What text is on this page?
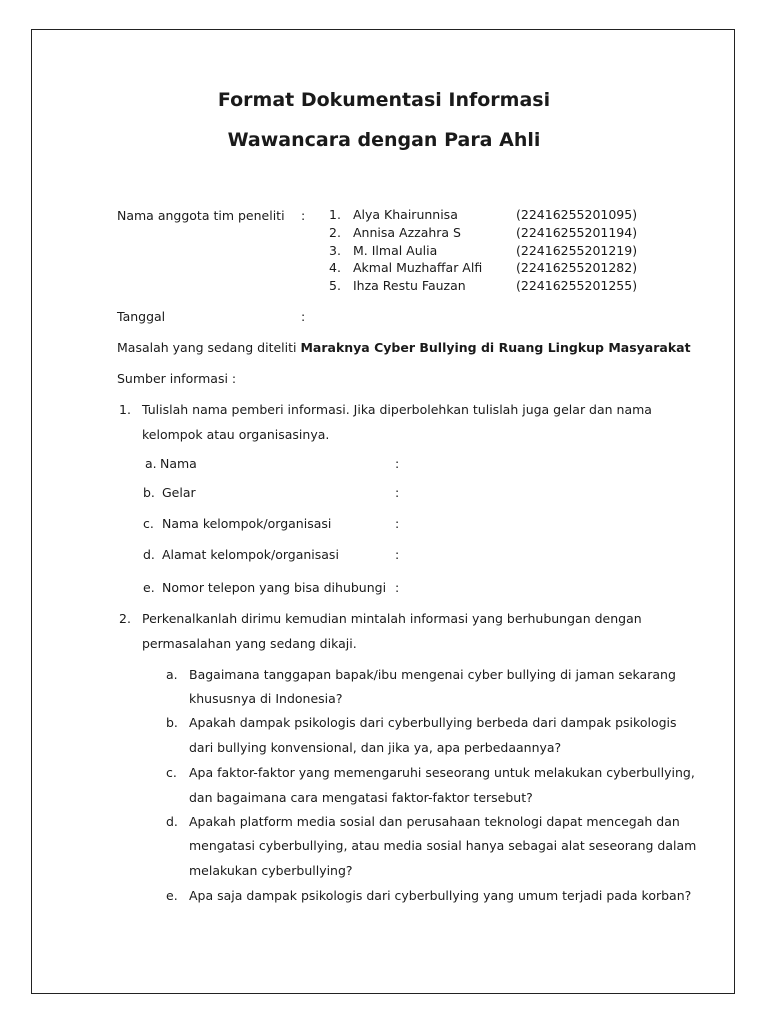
Format Dokumentasi Informasi
Wawancara dengan Para Ahli
Nama anggota tim peneliti : 1. Alya Khairunnisa	(22416255201095)
2. Annisa Azzahra S	(22416255201194)
3. M. Ilmal Aulia	(22416255201219)
4. Akmal Muzhaffar Alfi	(22416255201282)
5. Ihza Restu Fauzan	(22416255201255)
Tanggal	:
Masalah yang sedang diteliti Maraknya Cyber Bullying di Ruang Lingkup Masyarakat
Sumber informasi :
1. Tulislah nama pemberi informasi. Jika diperbolehkan tulislah juga gelar dan nama
kelompok atau organisasinya.
a. Nama	:
b. Gelar	:
c. Nama kelompok/organisasi	:
d. Alamat kelompok/organisasi	:
e. Nomor telepon yang bisa dihubungi :
2. Perkenalkanlah dirimu kemudian mintalah informasi yang berhubungan dengan
permasalahan yang sedang dikaji.
a. Bagaimana tanggapan bapak/ibu mengenai cyber bullying di jaman sekarang
khususnya di Indonesia?
b. Apakah dampak psikologis dari cyberbullying berbeda dari dampak psikologis
dari bullying konvensional, dan jika ya, apa perbedaannya?
c. Apa faktor-faktor yang memengaruhi seseorang untuk melakukan cyberbullying,
dan bagaimana cara mengatasi faktor-faktor tersebut?
d. Apakah platform media sosial dan perusahaan teknologi dapat mencegah dan
mengatasi cyberbullying, atau media sosial hanya sebagai alat seseorang dalam
melakukan cyberbullying?
e. Apa saja dampak psikologis dari cyberbullying yang umum terjadi pada korban?
